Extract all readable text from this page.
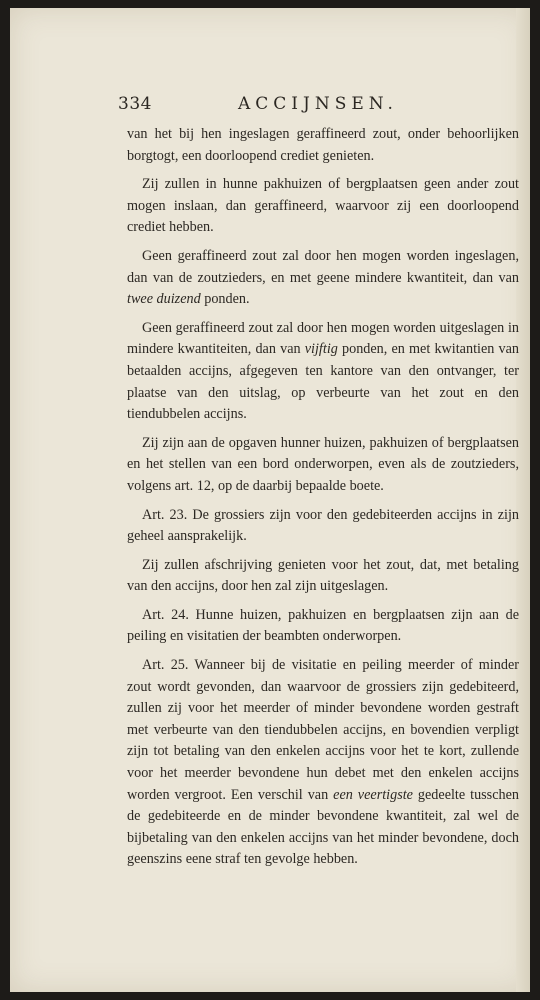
334	ACCIJNSEN.

van het bij hen ingeslagen geraffineerd zout, onder behoorlijken borgtogt, een doorloopend crediet genieten.

Zij zullen in hunne pakhuizen of bergplaatsen geen ander zout mogen inslaan, dan geraffineerd, waarvoor zij een doorloopend crediet hebben.

Geen geraffineerd zout zal door hen mogen worden ingeslagen, dan van de zoutzieders, en met geene mindere kwantiteit, dan van twee duizend ponden.

Geen geraffineerd zout zal door hen mogen worden uitgeslagen in mindere kwantiteiten, dan van vijftig ponden, en met kwitantien van betaalden accijns, afgegeven ten kantore van den ontvanger, ter plaatse van den uitslag, op verbeurte van het zout en den tiendubbelen accijns.

Zij zijn aan de opgaven hunner huizen, pakhuizen of bergplaatsen en het stellen van een bord onderworpen, even als de zoutzieders, volgens art. 12, op de daarbij bepaalde boete.

Art. 23. De grossiers zijn voor den gedebiteerden accijns in zijn geheel aansprakelijk.

Zij zullen afschrijving genieten voor het zout, dat, met betaling van den accijns, door hen zal zijn uitgeslagen.

Art. 24. Hunne huizen, pakhuizen en bergplaatsen zijn aan de peiling en visitatien der beambten onderworpen.

Art. 25. Wanneer bij de visitatie en peiling meerder of minder zout wordt gevonden, dan waarvoor de grossiers zijn gedebiteerd, zullen zij voor het meerder of minder bevondene worden gestraft met verbeurte van den tiendubbelen accijns, en bovendien verpligt zijn tot betaling van den enkelen accijns voor het te kort, zullende voor het meerder bevondene hun debet met den enkelen accijns worden vergroot. Een verschil van een veertigste gedeelte tusschen de gedebiteerde en de minder bevondene kwantiteit, zal wel de bijbetaling van den enkelen accijns van het minder bevondene, doch geenszins eene straf ten gevolge hebben.
